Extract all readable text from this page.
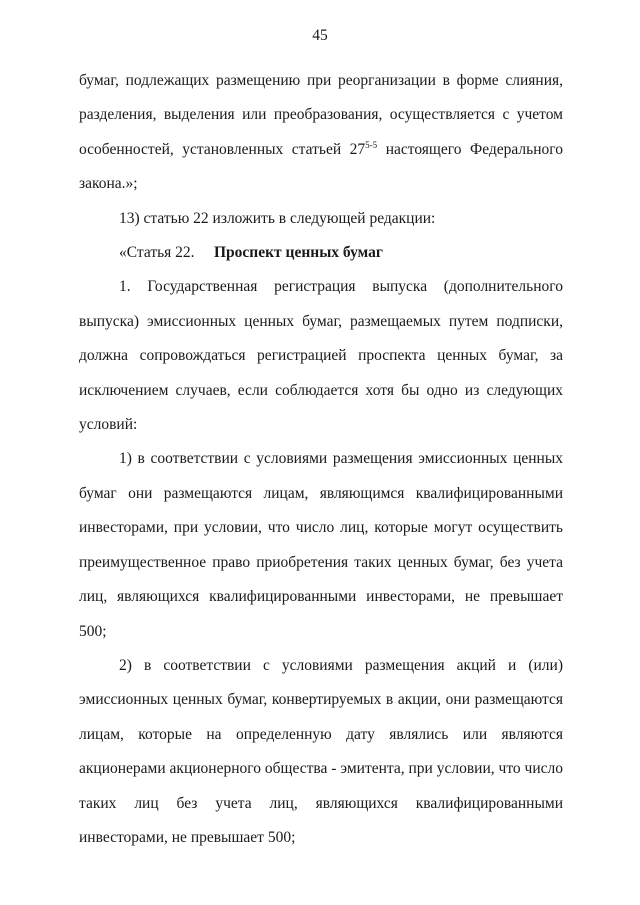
45

бумаг, подлежащих размещению при реорганизации в форме слияния, разделения, выделения или преобразования, осуществляется с учетом особенностей, установленных статьей 27$^{5-5}$ настоящего Федерального закона.»;

13) статью 22 изложить в следующей редакции:

«Статья 22. Проспект ценных бумаг

1. Государственная регистрация выпуска (дополнительного выпуска) эмиссионных ценных бумаг, размещаемых путем подписки, должна сопровождаться регистрацией проспекта ценных бумаг, за исключением случаев, если соблюдается хотя бы одно из следующих условий:

1) в соответствии с условиями размещения эмиссионных ценных бумаг они размещаются лицам, являющимся квалифицированными инвесторами, при условии, что число лиц, которые могут осуществить преимущественное право приобретения таких ценных бумаг, без учета лиц, являющихся квалифицированными инвесторами, не превышает 500;

2) в соответствии с условиями размещения акций и (или) эмиссионных ценных бумаг, конвертируемых в акции, они размещаются лицам, которые на определенную дату являлись или являются акционерами акционерного общества - эмитента, при условии, что число таких лиц без учета лиц, являющихся квалифицированными инвесторами, не превышает 500;
